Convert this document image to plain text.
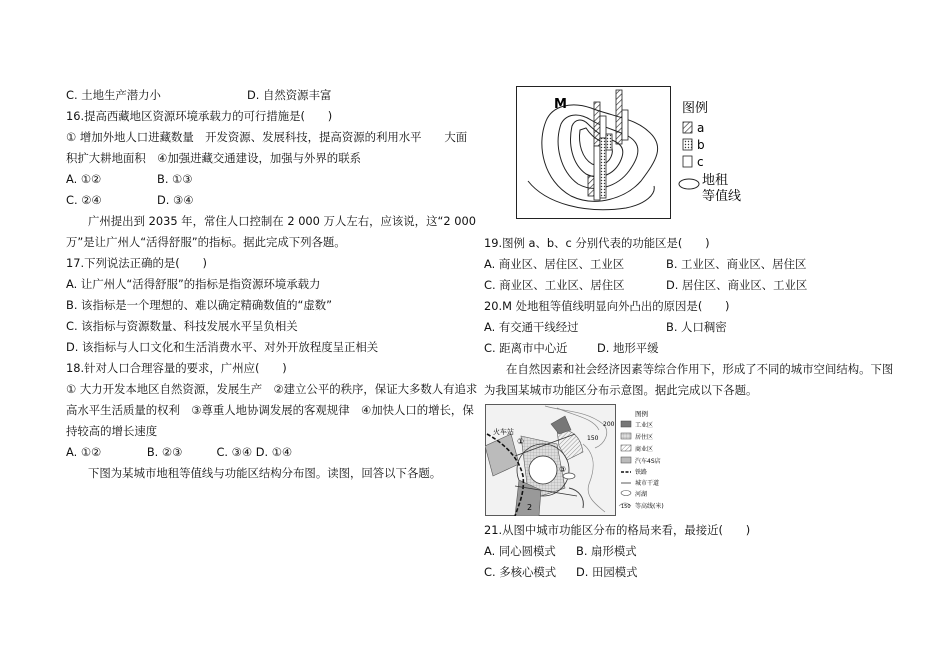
C. 土地生产潜力小	D. 自然资源丰富
16.提高西藏地区资源环境承载力的可行措施是(　　)
① 增加外地人口进藏数量　开发资源、发展科技，提高资源的利用水平　　大面
积扩大耕地面积　④加强进藏交通建设，加强与外界的联系
A. ①②	B. ①③
C. ②④	D. ③④
广州提出到 2035 年，常住人口控制在 2 000 万人左右，应该说，这“2 000
万”是让广州人“活得舒服”的指标。据此完成下列各题。
17.下列说法正确的是(　　)
A. 让广州人“活得舒服”的指标是指资源环境承载力
B. 该指标是一个理想的、难以确定精确数值的“虚数”
C. 该指标与资源数量、科技发展水平呈负相关
D. 该指标与人口文化和生活消费水平、对外开放程度呈正相关
18.针对人口合理容量的要求，广州应(　　)
① 大力开发本地区自然资源，发展生产　②建立公平的秩序，保证大多数人有追求
高水平生活质量的权利　③尊重人地协调发展的客观规律　④加快人口的增长，保
持较高的增长速度
A. ①②　　　　B. ②③　　　C. ③④ D. ①④
下图为某城市地租等值线与功能区结构分布图。读图，回答以下各题。
M	图例
a
b
c
地租
等值线
19.图例 a、b、c 分别代表的功能区是(　　)
A. 商业区、居住区、工业区	B. 工业区、商业区、居住区
C. 商业区、工业区、居住区	D. 居住区、商业区、工业区
20.M 处地租等值线明显向外凸出的原因是(　　)
A. 有交通干线经过	B. 人口稠密
C. 距离市中心近	D. 地形平缓
在自然因素和社会经济因素等综合作用下，形成了不同的城市空间结构。下图
为我国某城市功能区分布示意图。据此完成以下各题。
21.从图中城市功能区分布的格局来看，最接近(　　)
A. 同心圆模式 B. 扇形模式
C. 多核心模式 D. 田园模式
火车站
200
150
①
2
③
图例
工业区
居住区
商业区
汽车4S店
铁路
城市干道
河湖
150 等高线(米)
